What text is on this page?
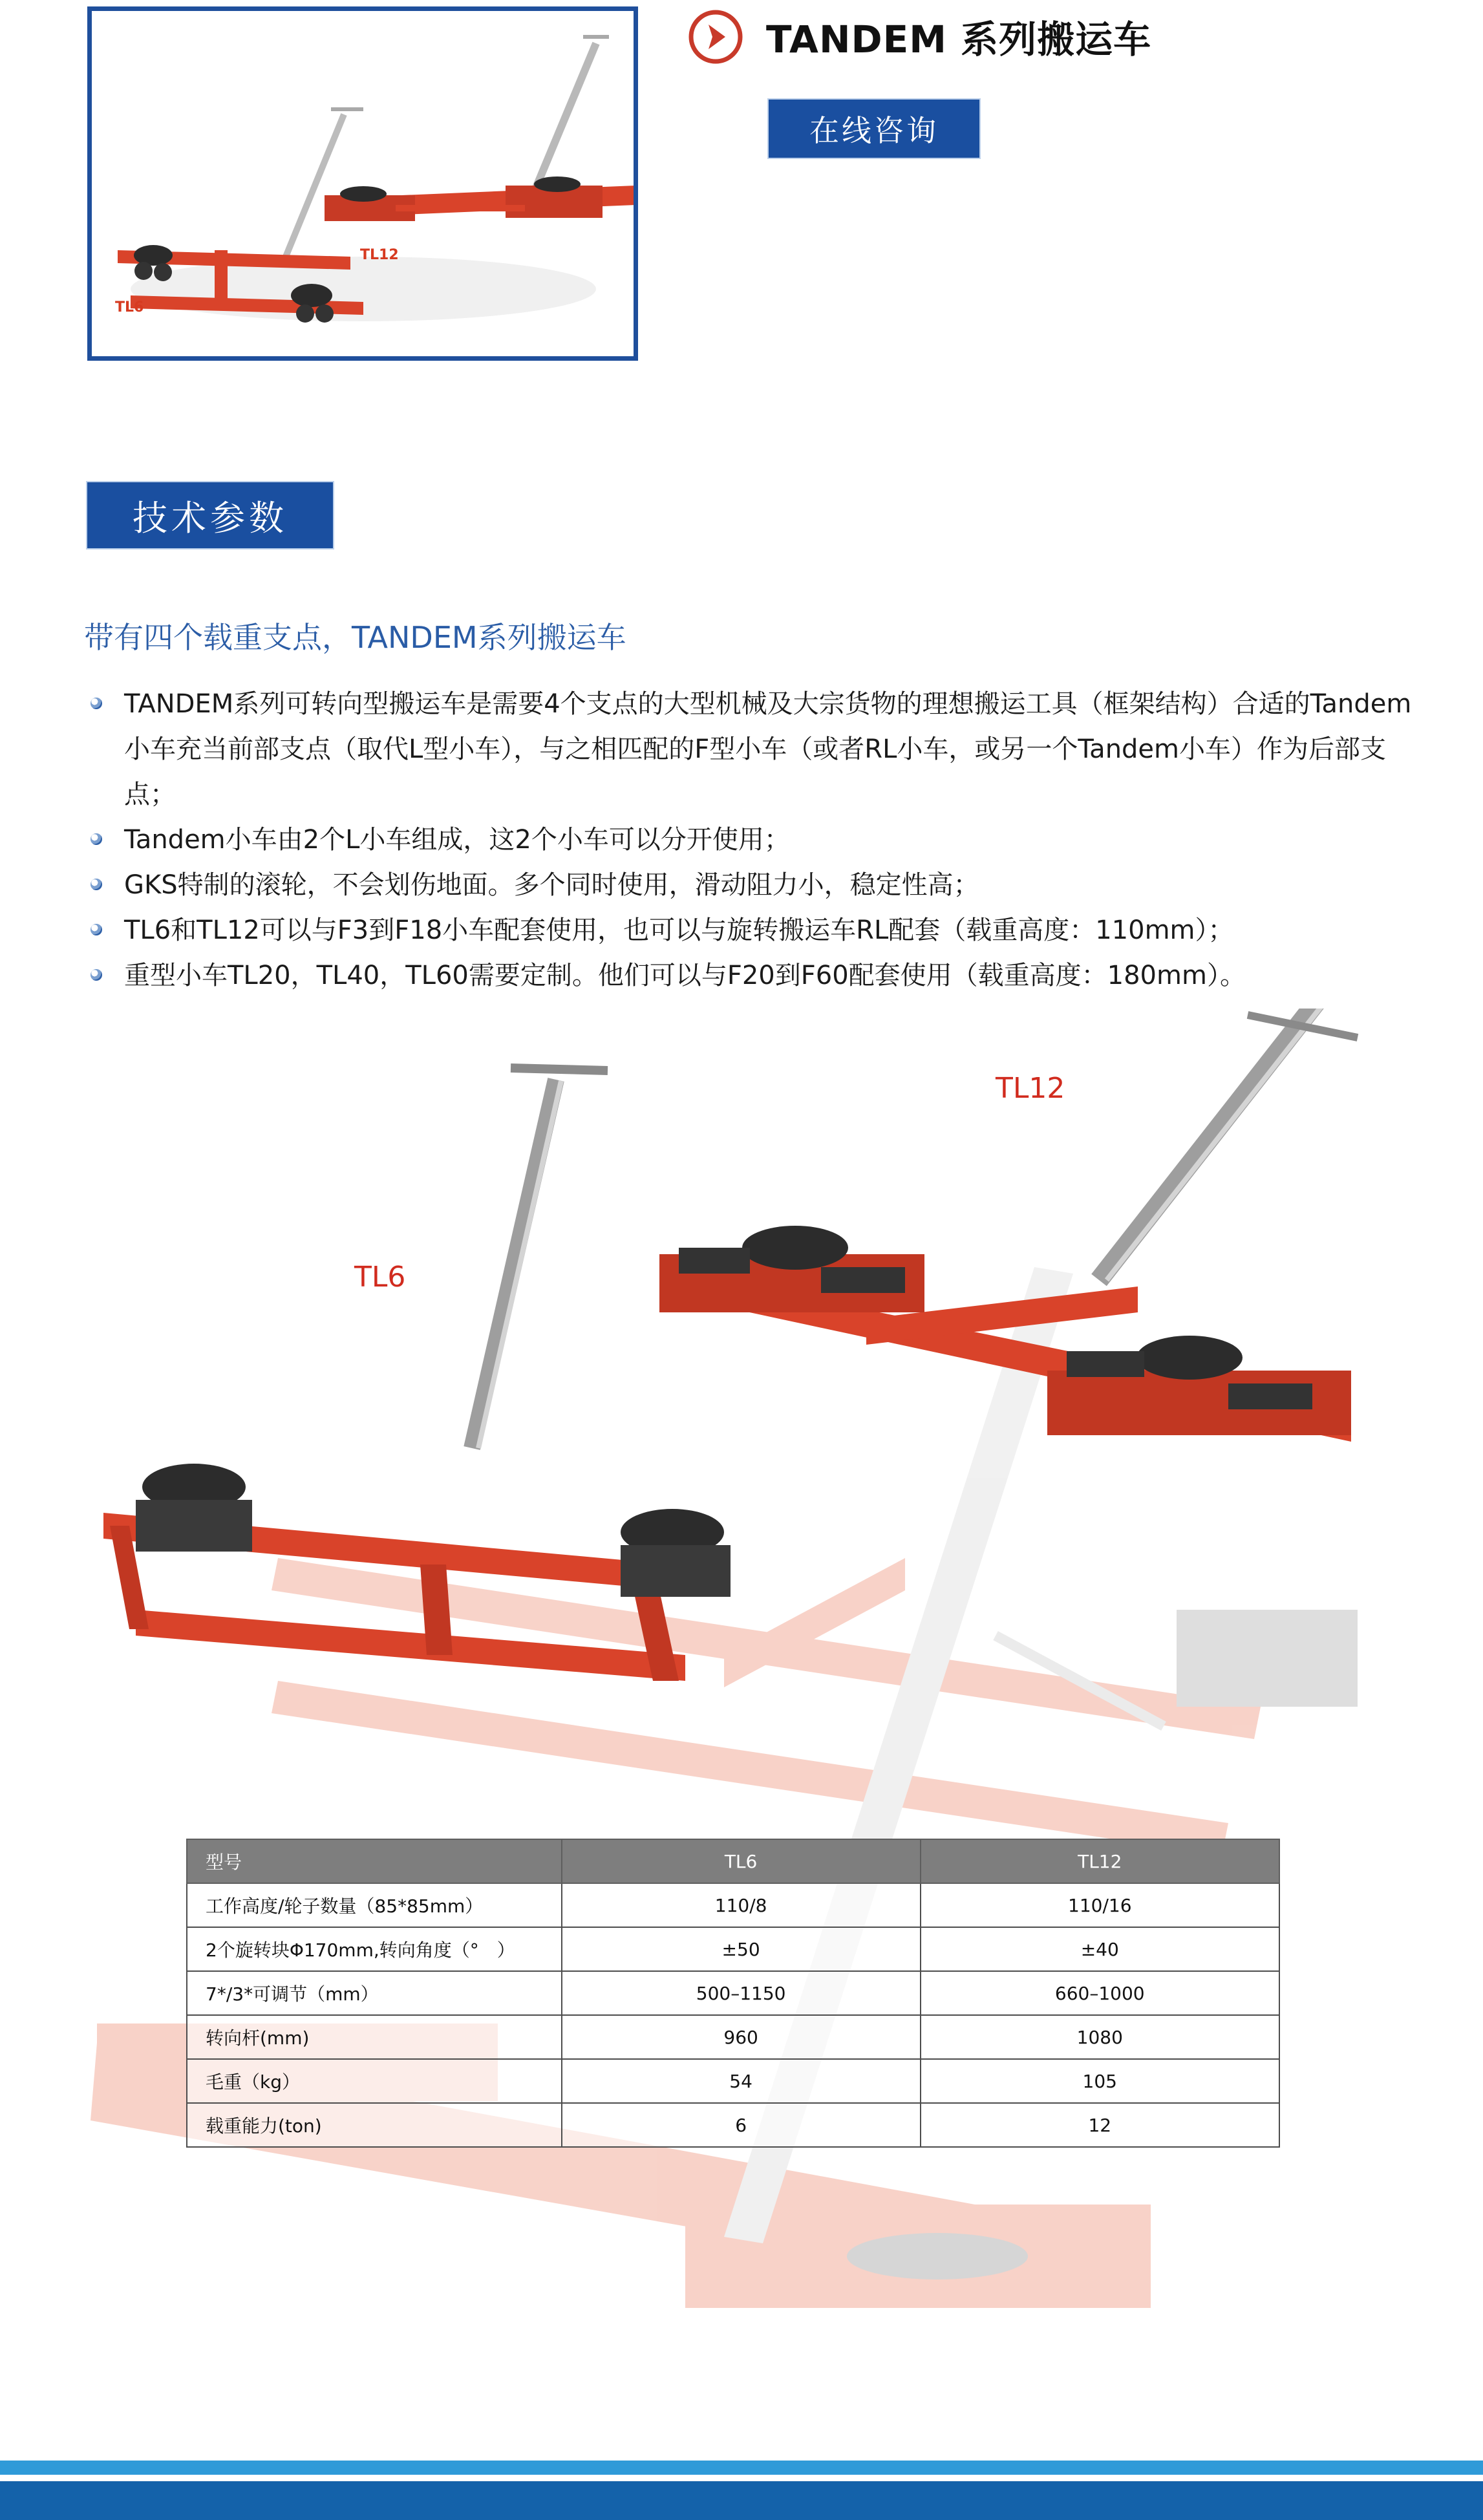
TL6
TL12
TANDEM 系列搬运车
在线咨询
技术参数
TL6
TL12
带有四个载重支点，TANDEM系列搬运车
TANDEM系列可转向型搬运车是需要4个支点的大型机械及大宗货物的理想搬运工具（框架结构）合适的Tandem小车充当前部支点（取代L型小车），与之相匹配的F型小车（或者RL小车，或另一个Tandem小车）作为后部支点；
Tandem小车由2个L小车组成，这2个小车可以分开使用；
GKS特制的滚轮，不会划伤地面。多个同时使用，滑动阻力小，稳定性高；
TL6和TL12可以与F3到F18小车配套使用，也可以与旋转搬运车RL配套（载重高度：110mm）；
重型小车TL20，TL40，TL60需要定制。他们可以与F20到F60配套使用（载重高度：180mm）。
型号	TL6	TL12
工作高度/轮子数量（85*85mm）	110/8	110/16
2个旋转块Φ170mm,转向角度（°　）	±50	±40
7*/3*可调节（mm）	500–1150	660–1000
转向杆(mm)	960	1080
毛重（kg）	54	105
载重能力(ton)	6	12
